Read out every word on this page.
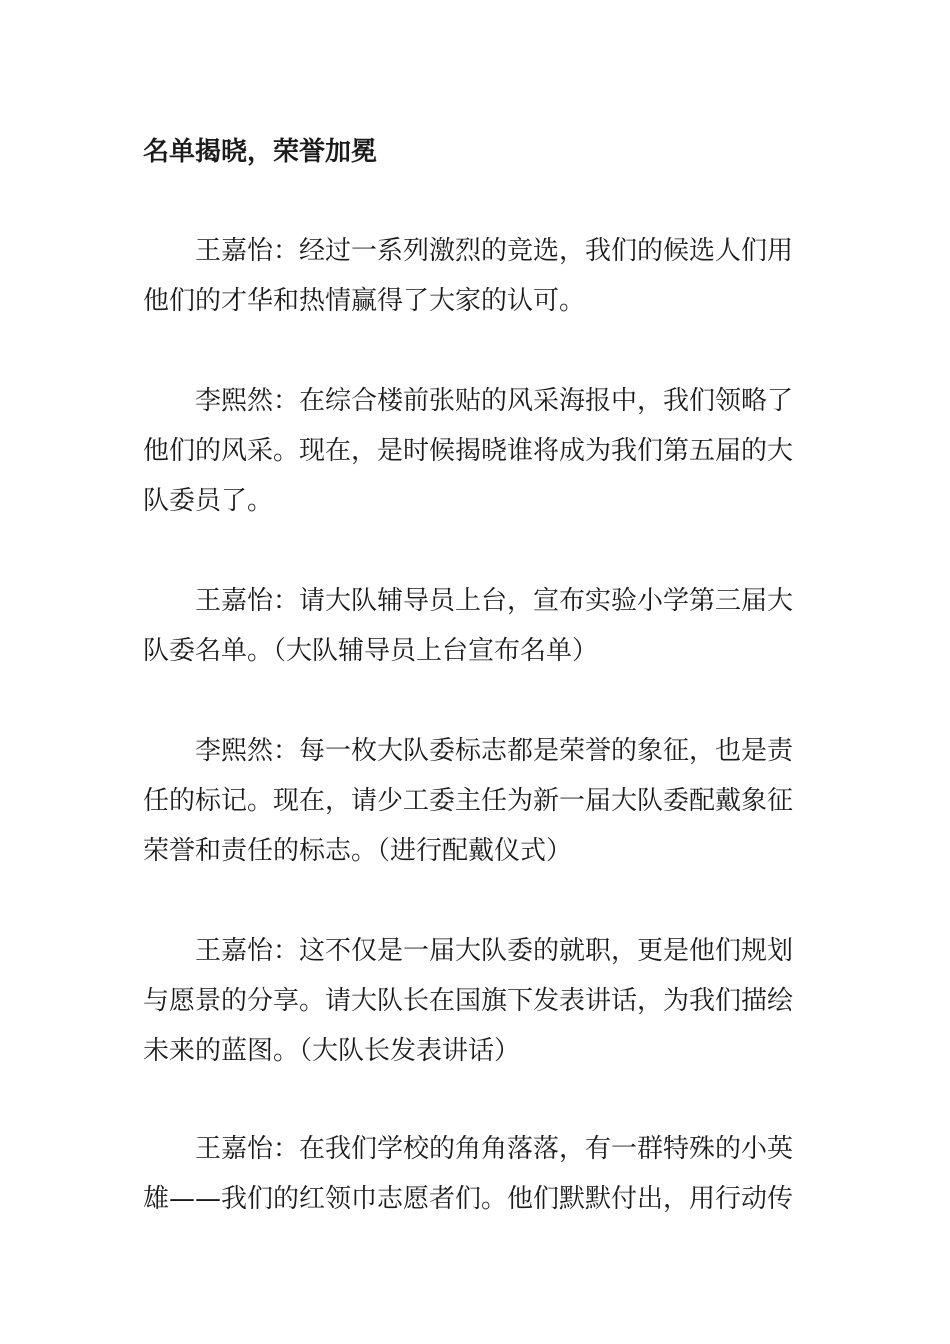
名单揭晓，荣誉加冕
王嘉怡：经过一系列激烈的竞选，我们的候选人们用
他们的才华和热情赢得了大家的认可。
李熙然：在综合楼前张贴的风采海报中，我们领略了
他们的风采。现在，是时候揭晓谁将成为我们第五届的大
队委员了。
王嘉怡：请大队辅导员上台，宣布实验小学第三届大
队委名单。（大队辅导员上台宣布名单）
李熙然：每一枚大队委标志都是荣誉的象征，也是责
任的标记。现在，请少工委主任为新一届大队委配戴象征
荣誉和责任的标志。（进行配戴仪式）
王嘉怡：这不仅是一届大队委的就职，更是他们规划
与愿景的分享。请大队长在国旗下发表讲话，为我们描绘
未来的蓝图。（大队长发表讲话）
王嘉怡：在我们学校的角角落落，有一群特殊的小英
雄——我们的红领巾志愿者们。他们默默付出，用行动传
